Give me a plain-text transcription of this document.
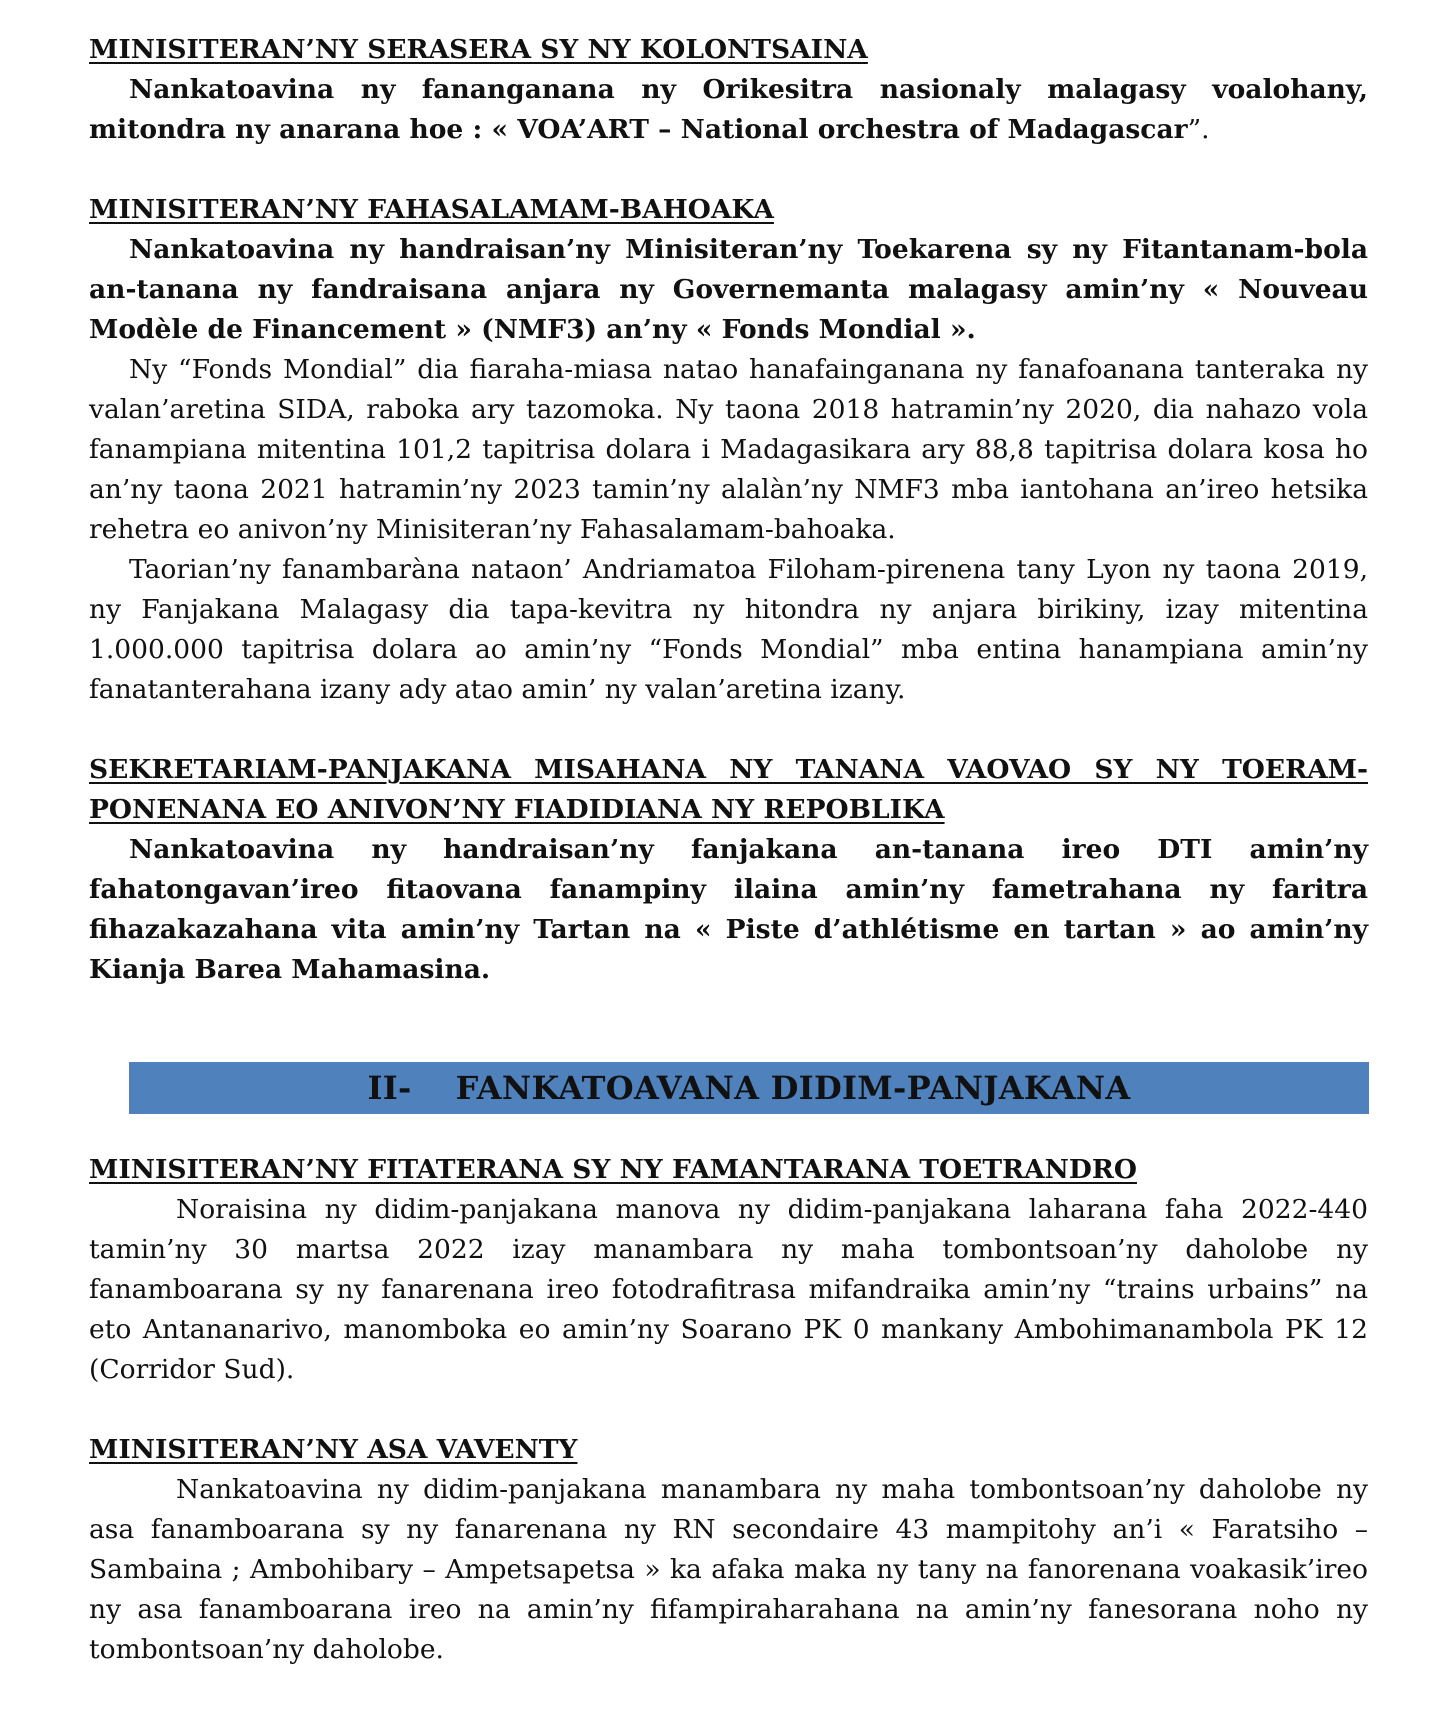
MINISITERAN’NY SERASERA SY NY KOLONTSAINA

Nankatoavina ny fananganana ny Orikesitra nasionaly malagasy voalohany, mitondra ny anarana hoe : « VOA’ART – National orchestra of Madagascar”.

MINISITERAN’NY FAHASALAMAM-BAHOAKA

Nankatoavina ny handraisan’ny Minisiteran’ny Toekarena sy ny Fitantanam-bola an-tanana ny fandraisana anjara ny Governemanta malagasy amin’ny « Nouveau Modèle de Financement » (NMF3) an’ny « Fonds Mondial ».

Ny “Fonds Mondial” dia fiaraha-miasa natao hanafainganana ny fanafoanana tanteraka ny valan’aretina SIDA, raboka ary tazomoka. Ny taona 2018 hatramin’ny 2020, dia nahazo vola fanampiana mitentina 101,2 tapitrisa dolara i Madagasikara ary 88,8 tapitrisa dolara kosa ho an’ny taona 2021 hatramin’ny 2023 tamin’ny alalàn’ny NMF3 mba iantohana an’ireo hetsika rehetra eo anivon’ny Minisiteran’ny Fahasalamam-bahoaka.

Taorian’ny fanambaràna nataon’ Andriamatoa Filoham-pirenena tany Lyon ny taona 2019, ny Fanjakana Malagasy dia tapa-kevitra ny hitondra ny anjara birikiny, izay mitentina 1.000.000 tapitrisa dolara ao amin’ny “Fonds Mondial” mba entina hanampiana amin’ny fanatanterahana izany ady atao amin’ ny valan’aretina izany.

SEKRETARIAM-PANJAKANA MISAHANA NY TANANA VAOVAO SY NY TOERAM-PONENANA EO ANIVON’NY FIADIDIANA NY REPOBLIKA

Nankatoavina ny handraisan’ny fanjakana an-tanana ireo DTI amin’ny fahatongavan’ireo fitaovana fanampiny ilaina amin’ny fametrahana ny faritra fihazakazahana vita amin’ny Tartan na « Piste d’athlétisme en tartan » ao amin’ny Kianja Barea Mahamasina.

II- FANKATOAVANA DIDIM-PANJAKANA
MINISITERAN’NY FITATERANA SY NY FAMANTARANA TOETRANDRO

Noraisina ny didim-panjakana manova ny didim-panjakana laharana faha 2022-440 tamin’ny 30 martsa 2022 izay manambara ny maha tombontsoan’ny daholobe ny fanamboarana sy ny fanarenana ireo fotodrafitrasa mifandraika amin’ny “trains urbains” na eto Antananarivo, manomboka eo amin’ny Soarano PK 0 mankany Ambohimanambola PK 12 (Corridor Sud).

MINISITERAN’NY ASA VAVENTY

Nankatoavina ny didim-panjakana manambara ny maha tombontsoan’ny daholobe ny asa fanamboarana sy ny fanarenana ny RN secondaire 43 mampitohy an’i « Faratsiho – Sambaina ; Ambohibary – Ampetsapetsa » ka afaka maka ny tany na fanorenana voakasik’ireo ny asa fanamboarana ireo na amin’ny fifampiraharahana na amin’ny fanesorana noho ny tombontsoan’ny daholobe.
